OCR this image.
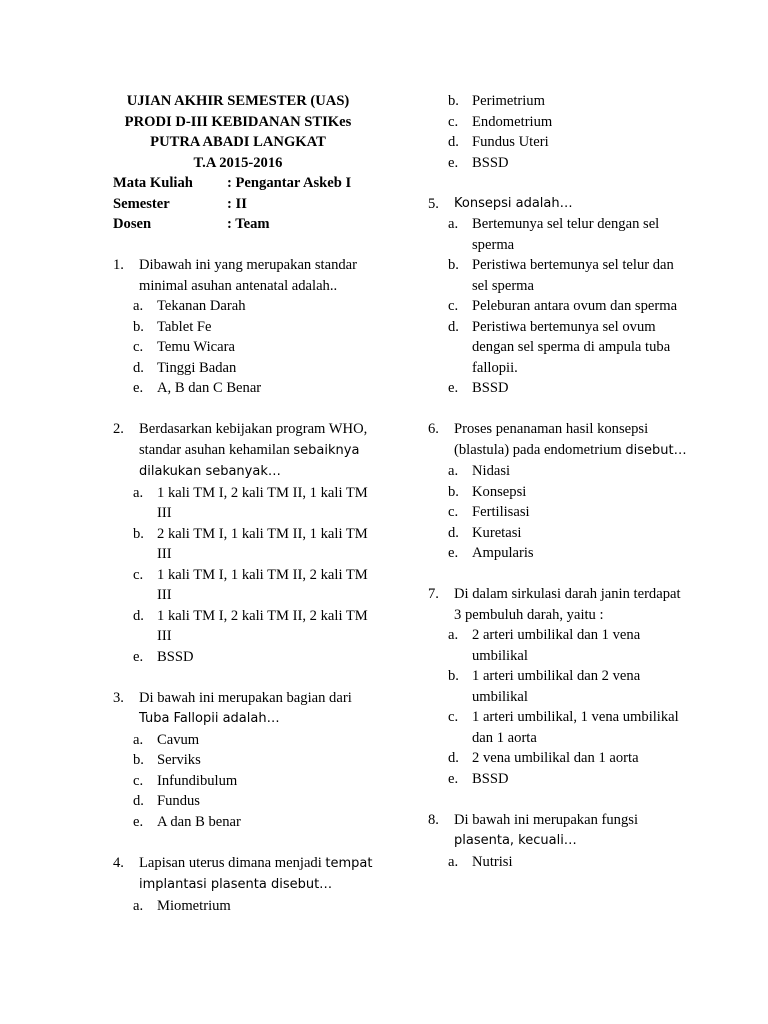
UJIAN AKHIR SEMESTER (UAS)
PRODI D-III KEBIDANAN STIKes
PUTRA ABADI LANGKAT
T.A 2015-2016
Mata Kuliah	: Pengantar Askeb I
Semester	: II
Dosen	: Team
1.	Dibawah ini yang merupakan standar minimal asuhan antenatal adalah..
a. Tekanan Darah
b. Tablet Fe
c. Temu Wicara
d. Tinggi Badan
e. A, B dan C Benar
2.	Berdasarkan kebijakan program WHO, standar asuhan kehamilan sebaiknya dilakukan sebanyak…
a. 1 kali TM I, 2 kali TM II, 1 kali TM III
b. 2 kali TM I, 1 kali TM II, 1 kali TM III
c. 1 kali TM I, 1 kali TM II, 2 kali TM III
d. 1 kali TM I, 2 kali TM II, 2 kali TM III
e. BSSD
3.	Di bawah ini merupakan bagian dari Tuba Fallopii adalah…
a. Cavum
b. Serviks
c. Infundibulum
d. Fundus
e. A dan B benar
4.	Lapisan uterus dimana menjadi tempat implantasi plasenta disebut…
a. Miometrium
b. Perimetrium
c. Endometrium
d. Fundus Uteri
e. BSSD
5.	Konsepsi adalah…
a. Bertemunya sel telur dengan sel sperma
b. Peristiwa bertemunya sel telur dan sel sperma
c. Peleburan antara ovum dan sperma
d. Peristiwa bertemunya sel ovum dengan sel sperma di ampula tuba fallopii.
e. BSSD
6.	Proses penanaman hasil konsepsi (blastula) pada endometrium disebut…
a. Nidasi
b. Konsepsi
c. Fertilisasi
d. Kuretasi
e. Ampularis
7.	Di dalam sirkulasi darah janin terdapat 3 pembuluh darah, yaitu :
a. 2 arteri umbilikal dan 1 vena umbilikal
b. 1 arteri umbilikal dan 2 vena umbilikal
c. 1 arteri umbilikal, 1 vena umbilikal dan 1 aorta
d. 2 vena umbilikal dan 1 aorta
e. BSSD
8.	Di bawah ini merupakan fungsi plasenta, kecuali…
a. Nutrisi
